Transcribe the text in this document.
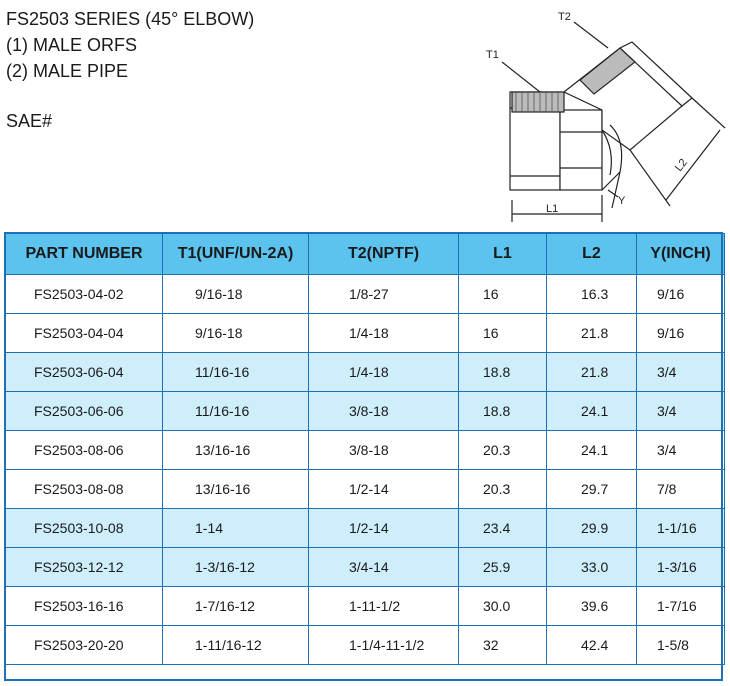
FS2503 SERIES (45° ELBOW)
(1) MALE ORFS
(2) MALE PIPE
SAE#
T1
T2
L1
L2
Y
PART NUMBER	T1(UNF/UN-2A)	T2(NPTF)	L1	L2	Y(INCH)
FS2503-04-02	9/16-18	1/8-27	16	16.3	9/16
FS2503-04-04	9/16-18	1/4-18	16	21.8	9/16
FS2503-06-04	11/16-16	1/4-18	18.8	21.8	3/4
FS2503-06-06	11/16-16	3/8-18	18.8	24.1	3/4
FS2503-08-06	13/16-16	3/8-18	20.3	24.1	3/4
FS2503-08-08	13/16-16	1/2-14	20.3	29.7	7/8
FS2503-10-08	1-14	1/2-14	23.4	29.9	1-1/16
FS2503-12-12	1-3/16-12	3/4-14	25.9	33.0	1-3/16
FS2503-16-16	1-7/16-12	1-11-1/2	30.0	39.6	1-7/16
FS2503-20-20	1-11/16-12	1-1/4-11-1/2	32	42.4	1-5/8
